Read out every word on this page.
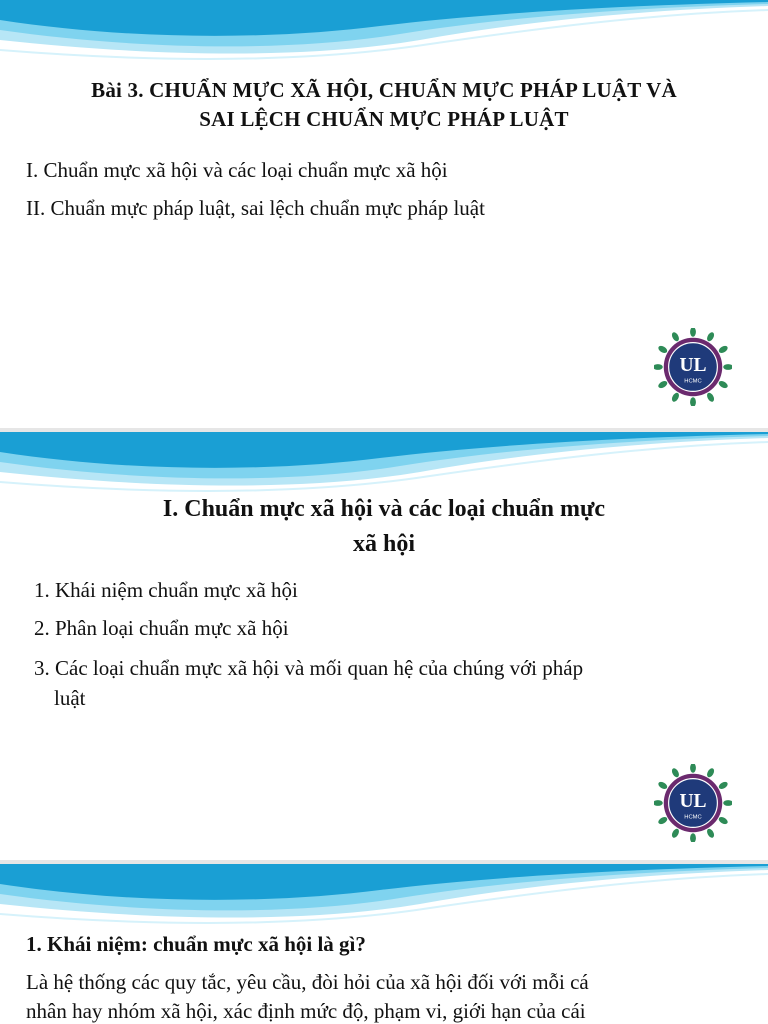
Bài 3. CHUẨN MỰC XÃ HỘI, CHUẨN MỰC PHÁP LUẬT VÀ
SAI LỆCH CHUẨN MỰC PHÁP LUẬT

I. Chuẩn mực xã hội và các loại chuẩn mực xã hội

II. Chuẩn mực pháp luật, sai lệch chuẩn mực pháp luật

UL
HCMC

I. Chuẩn mực xã hội và các loại chuẩn mực
xã hội

1. Khái niệm chuẩn mực xã hội

2. Phân loại chuẩn mực xã hội

3. Các loại chuẩn mực xã hội và mối quan hệ của chúng với pháp

luật

UL
HCMC

1. Khái niệm: chuẩn mực xã hội là gì?

Là hệ thống các quy tắc, yêu cầu, đòi hỏi của xã hội đối với mỗi cá
nhân hay nhóm xã hội, xác định mức độ, phạm vi, giới hạn của cái
